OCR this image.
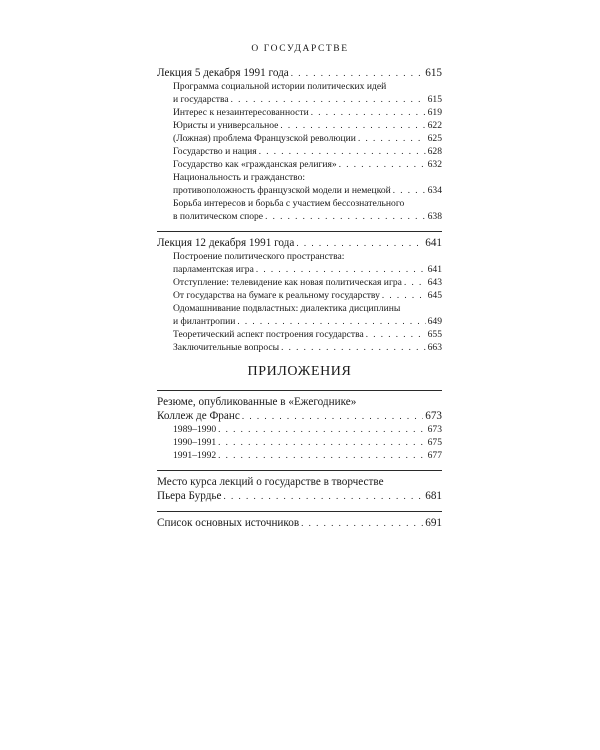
О ГОСУДАРСТВЕ
Лекция 5 декабря 1991 года . . .	615
Программа социальной истории политических идей
и государства . . .	615
Интерес к незаинтересованности . . .	619
Юристы и универсальное . . .	622
(Ложная) проблема Французской революции . . .	625
Государство и нация . . .	628
Государство как «гражданская религия» . . .	632
Национальность и гражданство:
противоположность французской модели и немецкой . . .	634
Борьба интересов и борьба с участием бессознательного
в политическом споре . . .	638
Лекция 12 декабря 1991 года . . .	641
Построение политического пространства:
парламентская игра . . .	641
Отступление: телевидение как новая политическая игра . . .	643
От государства на бумаге к реальному государству . . .	645
Одомашнивание подвластных: диалектика дисциплины
и филантропии . . .	649
Теоретический аспект построения государства . . .	655
Заключительные вопросы . . .	663
ПРИЛОЖЕНИЯ
Резюме, опубликованные в «Ежегоднике»
Коллеж де Франс . . .	673
1989–1990 . . .	673
1990–1991 . . .	675
1991–1992 . . .	677
Место курса лекций о государстве в творчестве
Пьера Бурдье . . .	681
Список основных источников . . .	691
